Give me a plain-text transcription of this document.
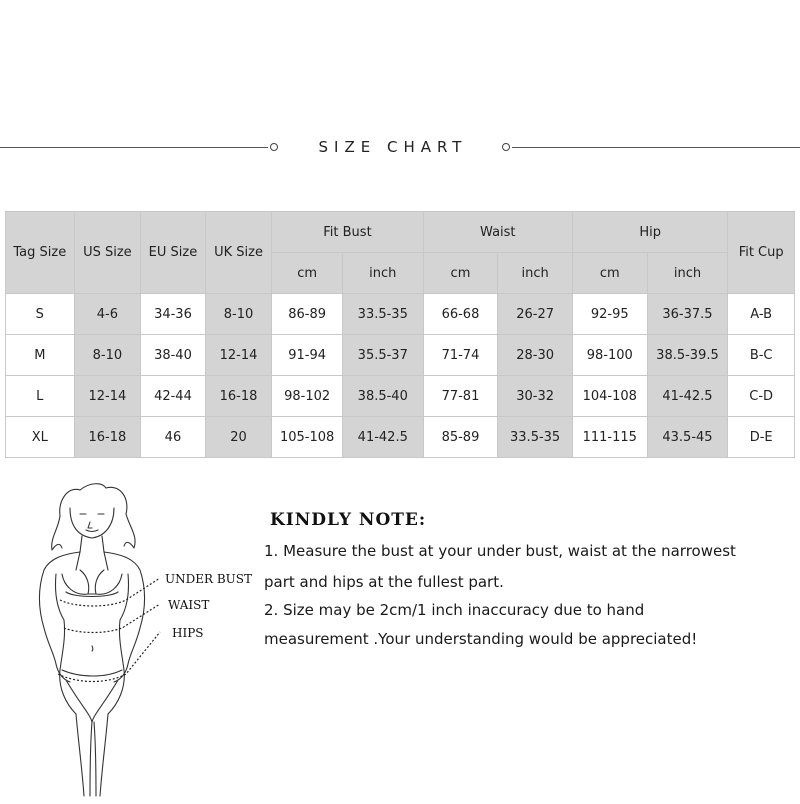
SIZE CHART
Tag Size	US Size	EU Size	UK Size	Fit Bust		Waist		Hip		Fit Cup
				cm	inch	cm	inch	cm	inch	
S	4-6	34-36	8-10	86-89	33.5-35	66-68	26-27	92-95	36-37.5	A-B
M	8-10	38-40	12-14	91-94	35.5-37	71-74	28-30	98-100	38.5-39.5	B-C
L	12-14	42-44	16-18	98-102	38.5-40	77-81	30-32	104-108	41-42.5	C-D
XL	16-18	46	20	105-108	41-42.5	85-89	33.5-35	111-115	43.5-45	D-E
UNDER BUST
WAIST
HIPS
KINDLY NOTE:
1. Measure the bust at your under bust, waist at the narrowest
part and hips at the fullest part.
2. Size may be 2cm/1 inch inaccuracy due to hand
measurement .Your understanding would be appreciated!
